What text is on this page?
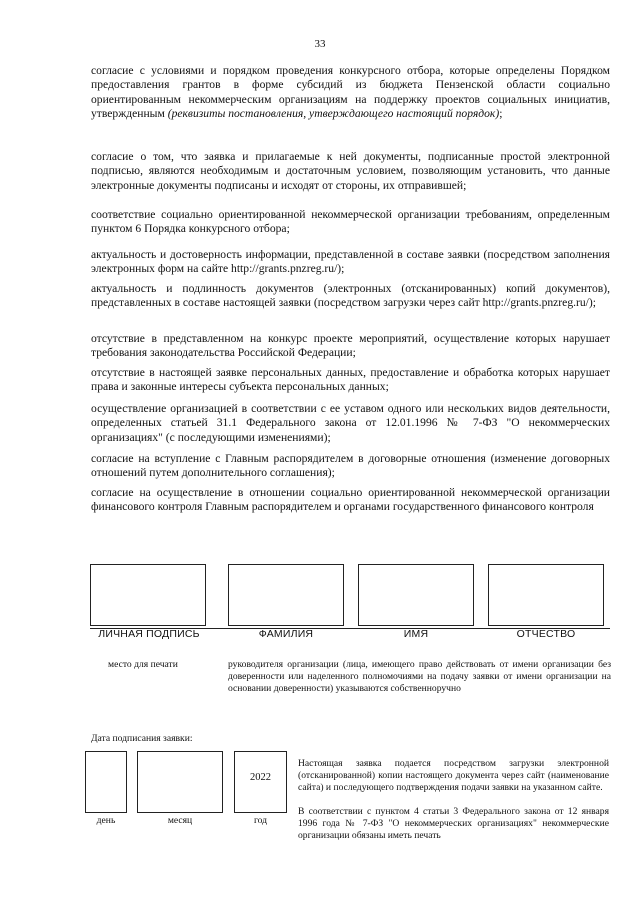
33
согласие с условиями и порядком проведения конкурсного отбора, которые определены Порядком предоставления грантов в форме субсидий из бюджета Пензенской области социально ориентированным некоммерческим организациям на поддержку проектов социальных инициатив, утвержденным (реквизиты постановления, утверждающего настоящий порядок);
согласие о том, что заявка и прилагаемые к ней документы, подписанные простой электронной подписью, являются необходимым и достаточным условием, позволяющим установить, что данные электронные документы подписаны и исходят от стороны, их отправившей;
соответствие социально ориентированной некоммерческой организации требованиям, определенным пунктом 6 Порядка конкурсного отбора;
актуальность и достоверность информации, представленной в составе заявки (посредством заполнения электронных форм на сайте http://grants.pnzreg.ru/);
актуальность и подлинность документов (электронных (отсканированных) копий документов), представленных в составе настоящей заявки (посредством загрузки через сайт http://grants.pnzreg.ru/);
отсутствие в представленном на конкурс проекте мероприятий, осуществление которых нарушает требования законодательства Российской Федерации;
отсутствие в настоящей заявке персональных данных, предоставление и обработка которых нарушает права и законные интересы субъекта персональных данных;
осуществление организацией в соответствии с ее уставом одного или нескольких видов деятельности, определенных статьей 31.1 Федерального закона от 12.01.1996 № 7-ФЗ "О некоммерческих организациях" (с последующими изменениями);
согласие на вступление с Главным распорядителем в договорные отношения (изменение договорных отношений путем дополнительного соглашения);
согласие на осуществление в отношении социально ориентированной некоммерческой организации финансового контроля Главным распорядителем и органами государственного финансового контроля
ЛИЧНАЯ ПОДПИСЬ	ФАМИЛИЯ	ИМЯ	ОТЧЕСТВО
место для печати	руководителя организации (лица, имеющего право действовать от имени организации без доверенности или наделенного полномочиями на подачу заявки от имени организации на основании доверенности) указываются собственноручно
Дата подписания заявки:
2022
день	месяц	год
Настоящая заявка подается посредством загрузки электронной (отсканированной) копии настоящего документа через сайт (наименование сайта) и последующего подтверждения подачи заявки на указанном сайте.
В соответствии с пунктом 4 статьи 3 Федерального закона от 12 января 1996 года № 7-ФЗ "О некоммерческих организациях" некоммерческие организации обязаны иметь печать
